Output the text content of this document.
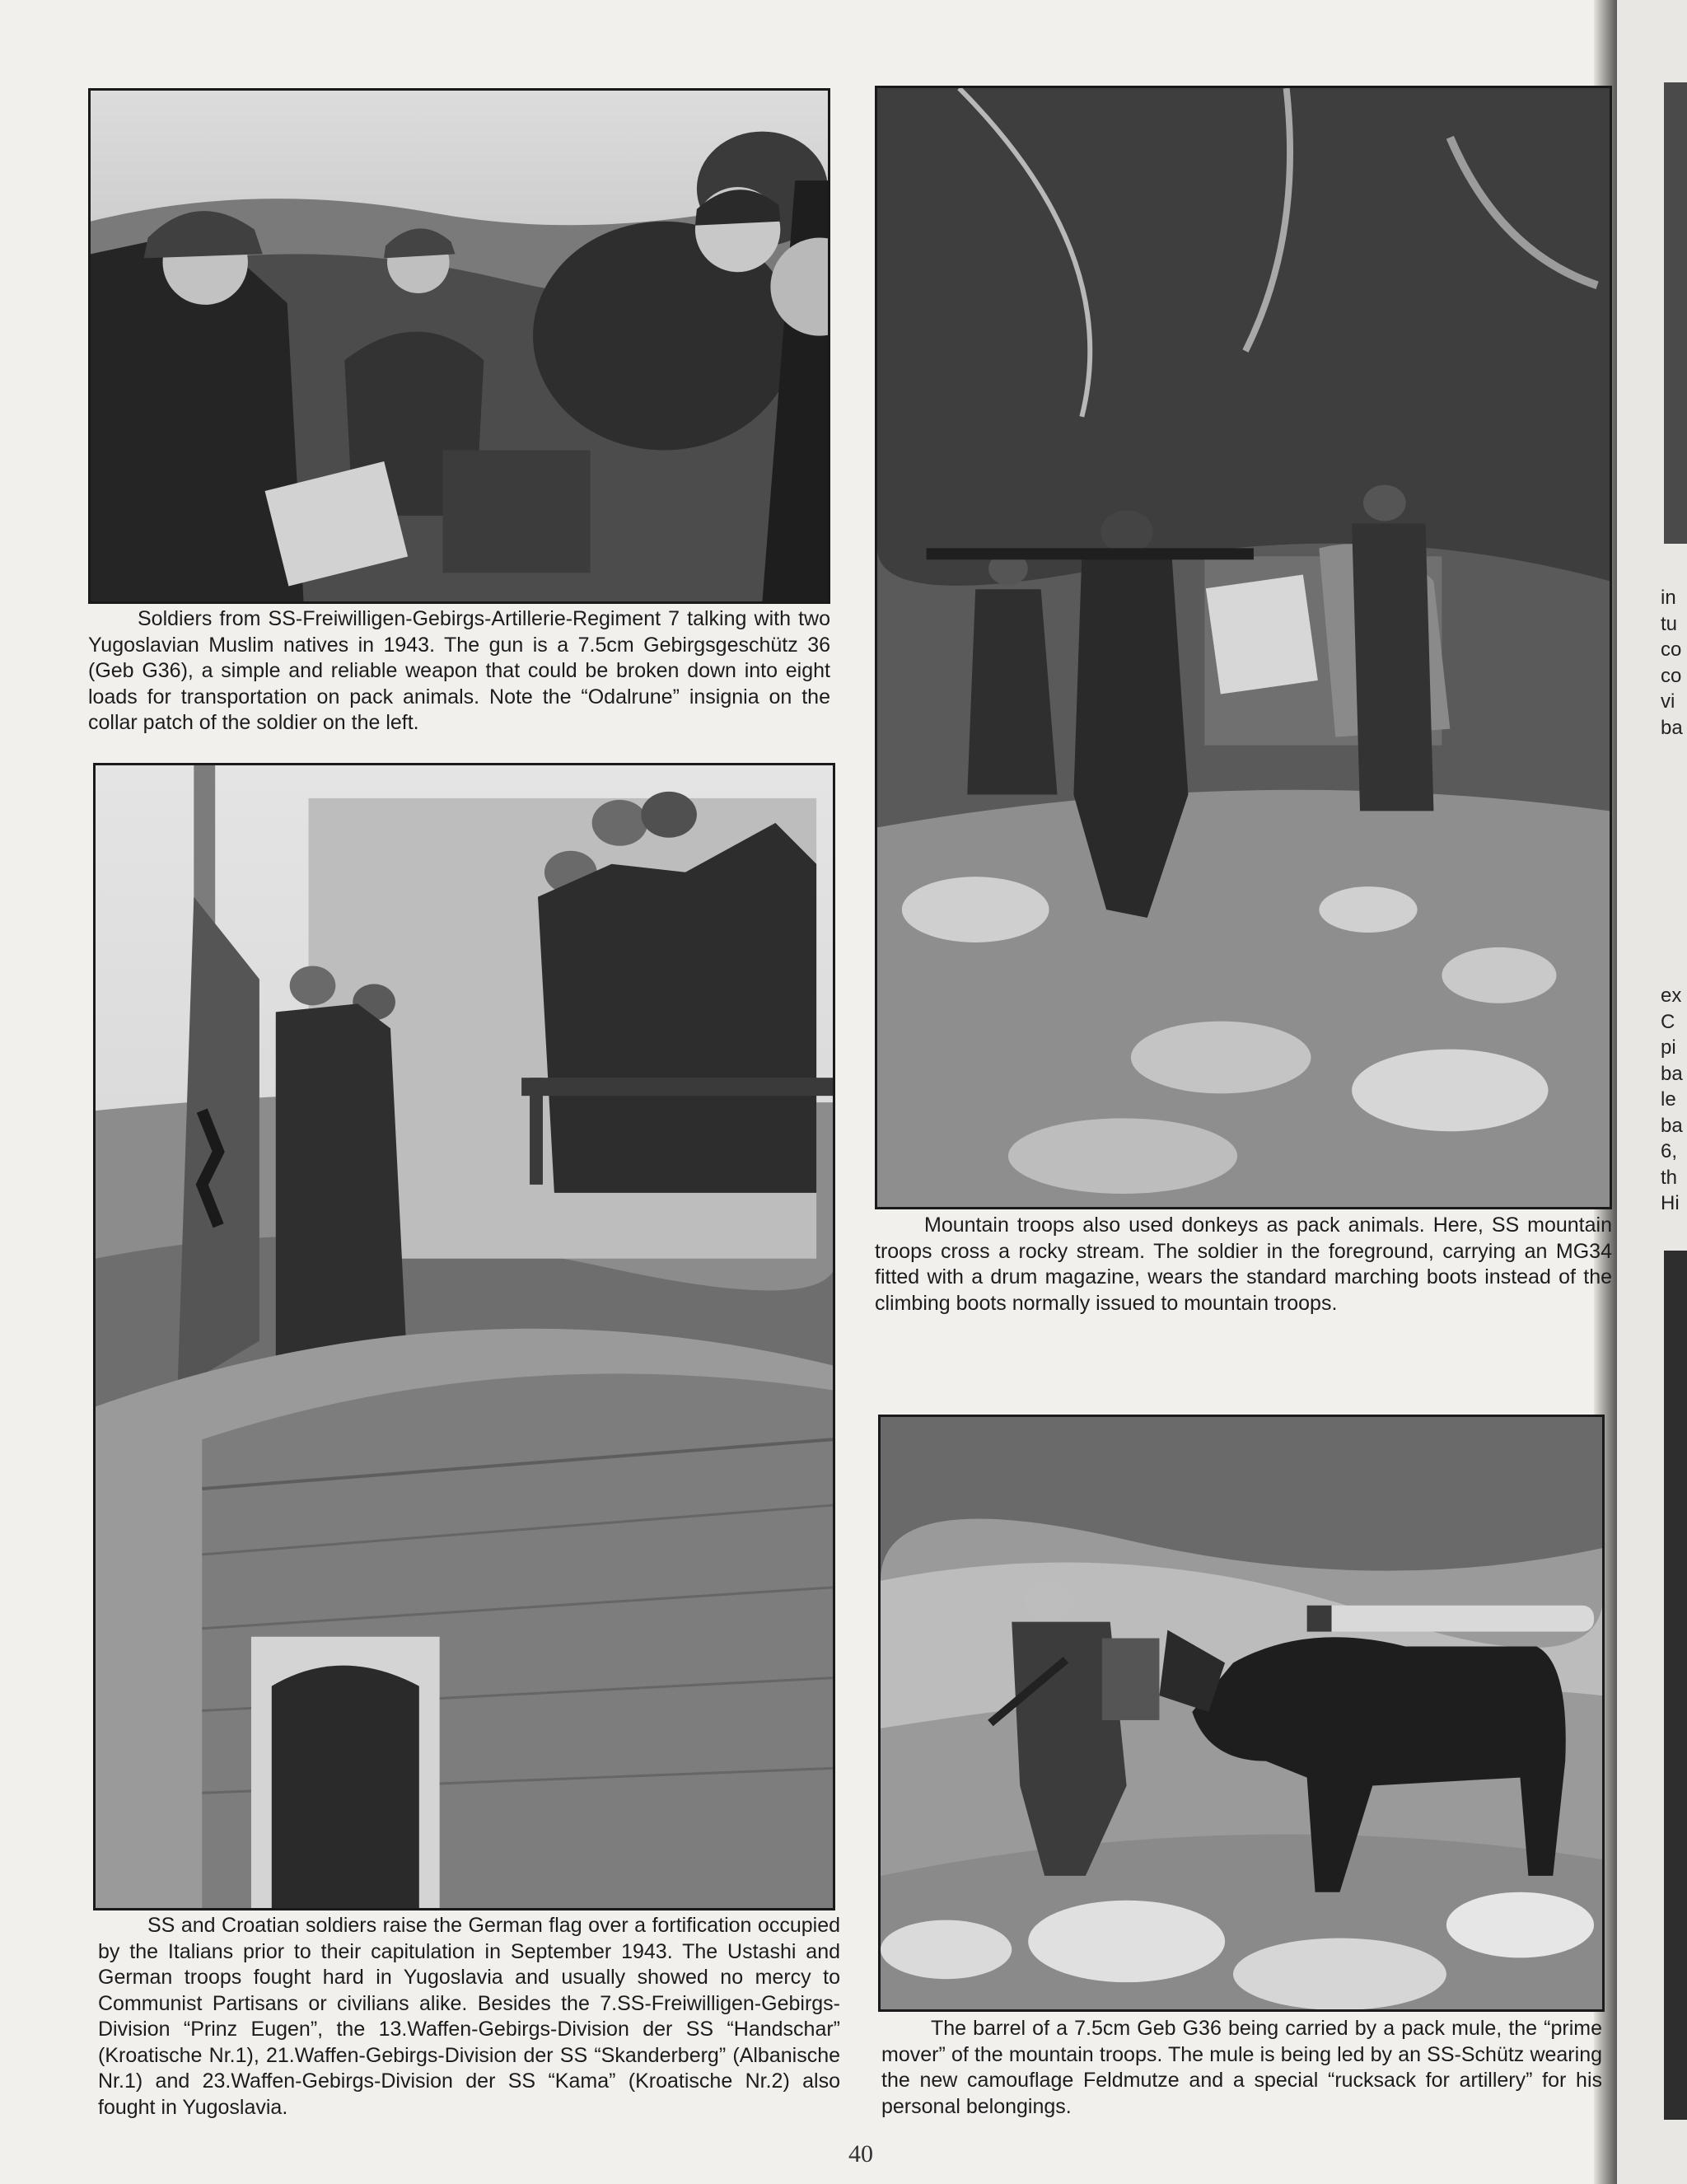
Soldiers from SS-Freiwilligen-Gebirgs-Artillerie-Regiment 7 talking with two Yugoslavian Muslim natives in 1943. The gun is a 7.5cm Gebirgsgeschütz 36 (Geb G36), a simple and reliable weapon that could be broken down into eight loads for transportation on pack animals. Note the “Odalrune” insignia on the collar patch of the soldier on the left.

SS and Croatian soldiers raise the German flag over a fortification occupied by the Italians prior to their capitulation in September 1943. The Ustashi and German troops fought hard in Yugoslavia and usually showed no mercy to Communist Partisans or civilians alike. Besides the 7.SS-Freiwilligen-Gebirgs-Division “Prinz Eugen”, the 13.Waffen-Gebirgs-Division der SS “Handschar” (Kroatische Nr.1), 21.Waffen-Gebirgs-Division der SS “Skanderberg” (Albanische Nr.1) and 23.Waffen-Gebirgs-Division der SS “Kama” (Kroatische Nr.2) also fought in Yugoslavia.

Mountain troops also used donkeys as pack animals. Here, SS mountain troops cross a rocky stream. The soldier in the foreground, carrying an MG34 fitted with a drum magazine, wears the standard marching boots instead of the climbing boots normally issued to mountain troops.

The barrel of a 7.5cm Geb G36 being carried by a pack mule, the “prime mover” of the mountain troops. The mule is being led by an SS-Schütz wearing the new camouflage Feldmutze and a special “rucksack for artillery” for his personal belongings.

in
tu
co
co
vi
ba
ex
C
pi
ba
le
ba
6,
th
Hi
40
